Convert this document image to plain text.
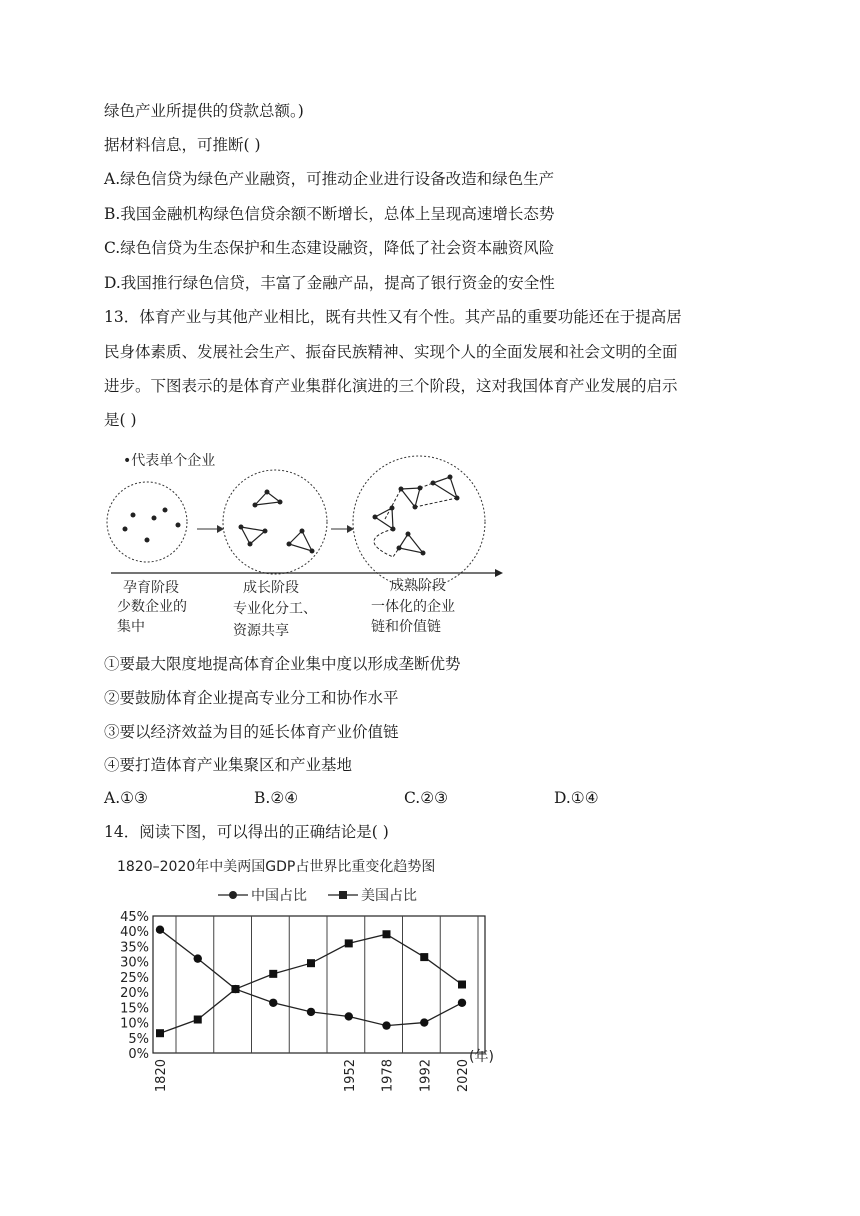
绿色产业所提供的贷款总额。)
据材料信息，可推断( )
A.绿色信贷为绿色产业融资，可推动企业进行设备改造和绿色生产
B.我国金融机构绿色信贷余额不断增长，总体上呈现高速增长态势
C.绿色信贷为生态保护和生态建设融资，降低了社会资本融资风险
D.我国推行绿色信贷，丰富了金融产品，提高了银行资金的安全性
13．体育产业与其他产业相比，既有共性又有个性。其产品的重要功能还在于提高居
民身体素质、发展社会生产、振奋民族精神、实现个人的全面发展和社会文明的全面
进步。下图表示的是体育产业集群化演进的三个阶段，这对我国体育产业发展的启示
是( )
•代表单个企业
孕育阶段
少数企业的
集中
成长阶段
专业化分工、
资源共享
成熟阶段
一体化的企业
链和价值链
①要最大限度地提高体育企业集中度以形成垄断优势
②要鼓励体育企业提高专业分工和协作水平
③要以经济效益为目的延长体育产业价值链
④要打造体育产业集聚区和产业基地
A.①③	B.②④	C.②③	D.①④
14．阅读下图，可以得出的正确结论是( )
1820–2020年中美两国GDP占世界比重变化趋势图
中国占比	美国占比
0%
5%
10%
15%
20%
25%
30%
35%
40%
45%
1820	1952 1978 1992 2020
(年)
